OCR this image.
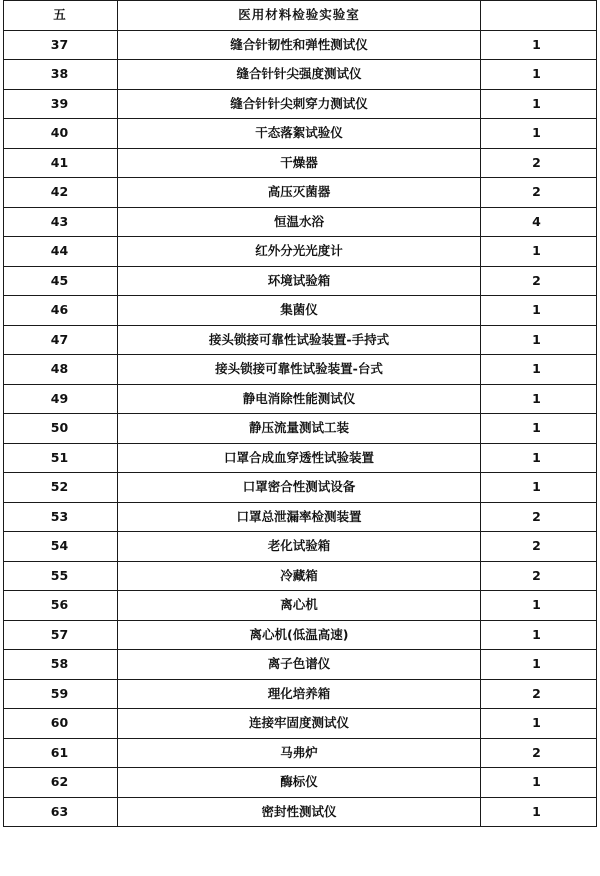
五	医用材料检验实验室	
37	缝合针韧性和弹性测试仪	1
38	缝合针针尖强度测试仪	1
39	缝合针针尖刺穿力测试仪	1
40	干态落絮试验仪	1
41	干燥器	2
42	高压灭菌器	2
43	恒温水浴	4
44	红外分光光度计	1
45	环境试验箱	2
46	集菌仪	1
47	接头锁接可靠性试验装置-手持式	1
48	接头锁接可靠性试验装置-台式	1
49	静电消除性能测试仪	1
50	静压流量测试工装	1
51	口罩合成血穿透性试验装置	1
52	口罩密合性测试设备	1
53	口罩总泄漏率检测装置	2
54	老化试验箱	2
55	冷藏箱	2
56	离心机	1
57	离心机(低温高速)	1
58	离子色谱仪	1
59	理化培养箱	2
60	连接牢固度测试仪	1
61	马弗炉	2
62	酶标仪	1
63	密封性测试仪	1
